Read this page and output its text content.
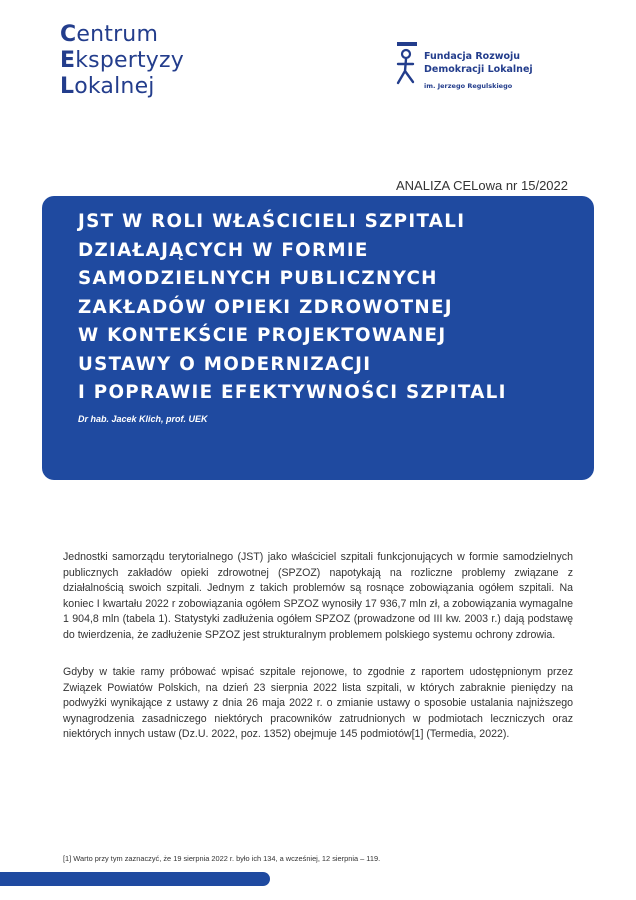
Centrum
Ekspertyzy
Lokalnej
Fundacja Rozwoju
Demokracji Lokalnej
im. Jerzego Regulskiego
ANALIZA CELowa nr 15/2022
JST W ROLI WŁAŚCICIELI SZPITALI
DZIAŁAJĄCYCH W FORMIE
SAMODZIELNYCH PUBLICZNYCH
ZAKŁADÓW OPIEKI ZDROWOTNEJ
W KONTEKŚCIE PROJEKTOWANEJ
USTAWY O MODERNIZACJI
I POPRAWIE EFEKTYWNOŚCI SZPITALI
Dr hab. Jacek Klich, prof. UEK

Jednostki samorządu terytorialnego (JST) jako właściciel szpitali funkcjonujących w formie samodzielnych publicznych zakładów opieki zdrowotnej (SPZOZ) napotykają na rozliczne problemy związane z działalnością swoich szpitali. Jednym z takich problemów są rosnące zobowiązania ogółem szpitali. Na koniec I kwartału 2022 r zobowiązania ogółem SPZOZ wynosiły 17 936,7 mln zł, a zobowiązania wymagalne 1 904,8 mln (tabela 1). Statystyki zadłużenia ogółem SPZOZ (prowadzone od III kw. 2003 r.) dają podstawę do twierdzenia, że zadłużenie SPZOZ jest strukturalnym problemem polskiego systemu ochrony zdrowia.

Gdyby w takie ramy próbować wpisać szpitale rejonowe, to zgodnie z raportem udostępnionym przez Związek Powiatów Polskich, na dzień 23 sierpnia 2022 lista szpitali, w których zabraknie pieniędzy na podwyżki wynikające z ustawy z dnia 26 maja 2022 r. o zmianie ustawy o sposobie ustalania najniższego wynagrodzenia zasadniczego niektórych pracowników zatrudnionych w podmiotach leczniczych oraz niektórych innych ustaw (Dz.U. 2022, poz. 1352) obejmuje 145 podmiotów[1] (Termedia, 2022).

[1] Warto przy tym zaznaczyć, że 19 sierpnia 2022 r. było ich 134, a wcześniej, 12 sierpnia – 119.
